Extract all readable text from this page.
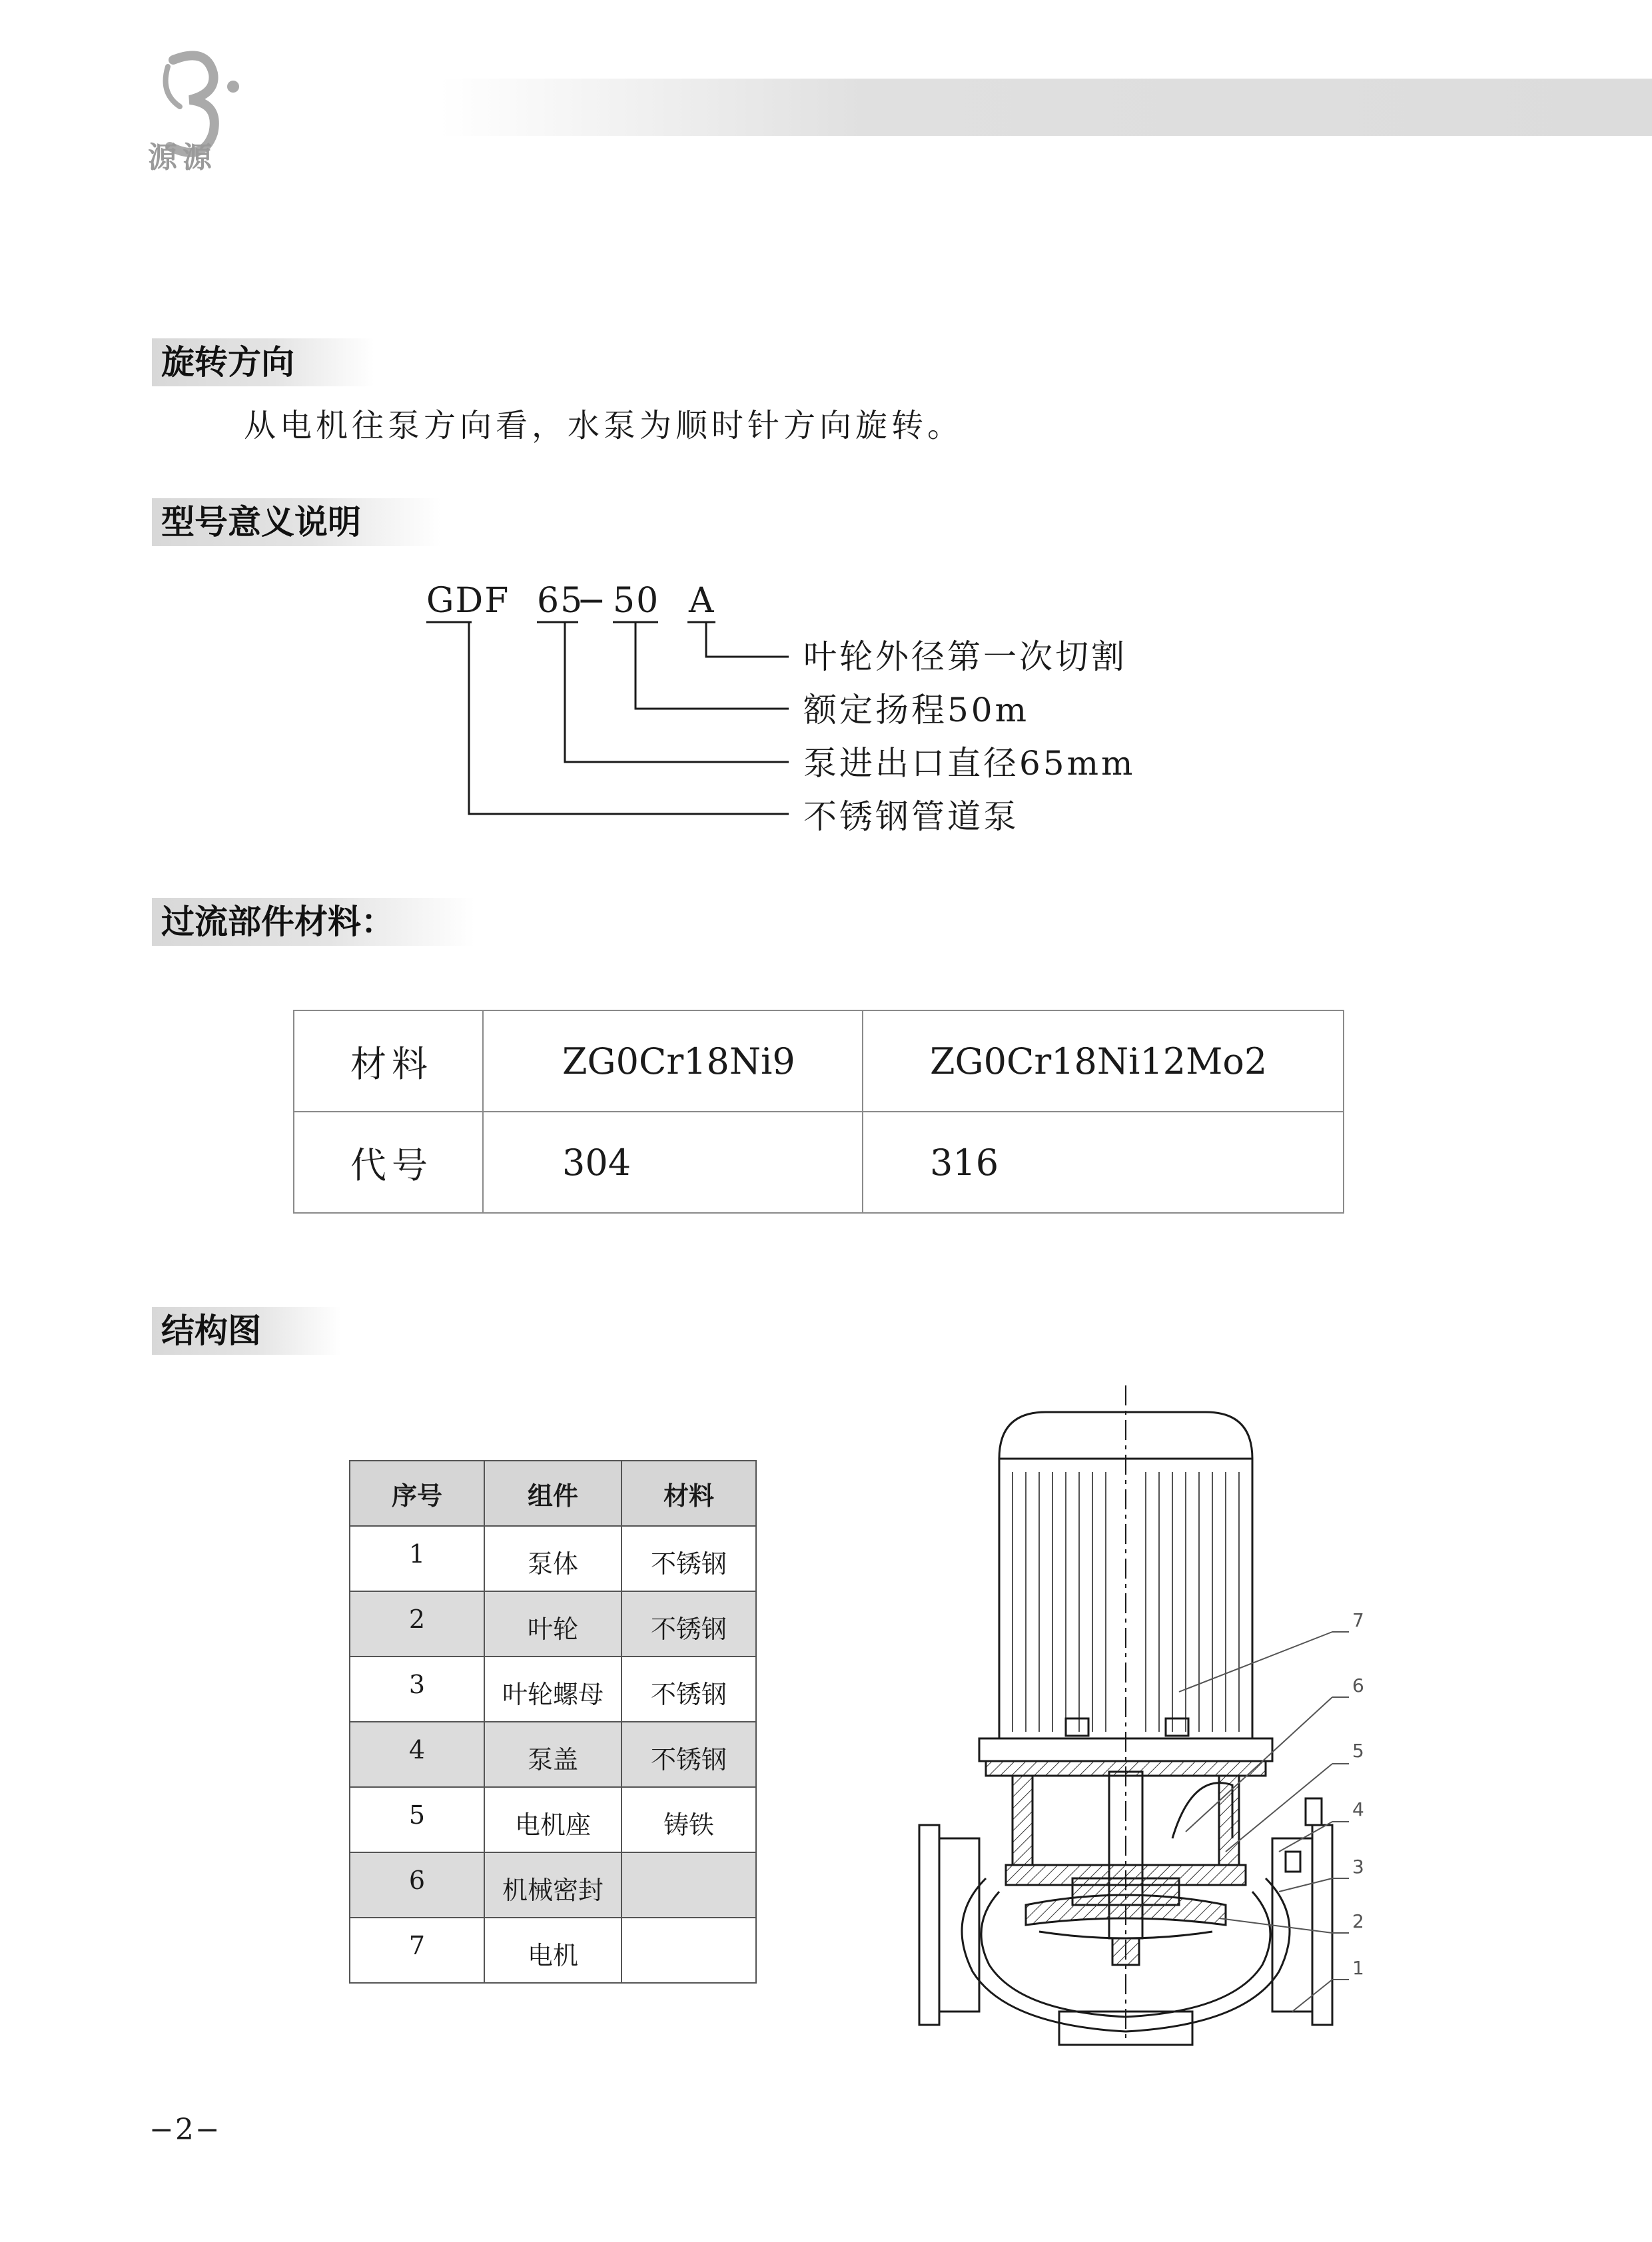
源源
旋转方向
从电机往泵方向看，水泵为顺时针方向旋转。
型号意义说明
GDF 65
− 50 A
叶轮外径第一次切割
额定扬程50m
泵进出口直径65mm
不锈钢管道泵
过流部件材料：
材料	ZG0Cr18Ni9	ZG0Cr18Ni12Mo2
代号	304	316
结构图
序号	组件	材料
1	泵体	不锈钢
2	叶轮	不锈钢
3	叶轮螺母	不锈钢
4	泵盖	不锈钢
5	电机座	铸铁
6	机械密封	
7	电机	
7
6
5
4
3
2
1
−2−
